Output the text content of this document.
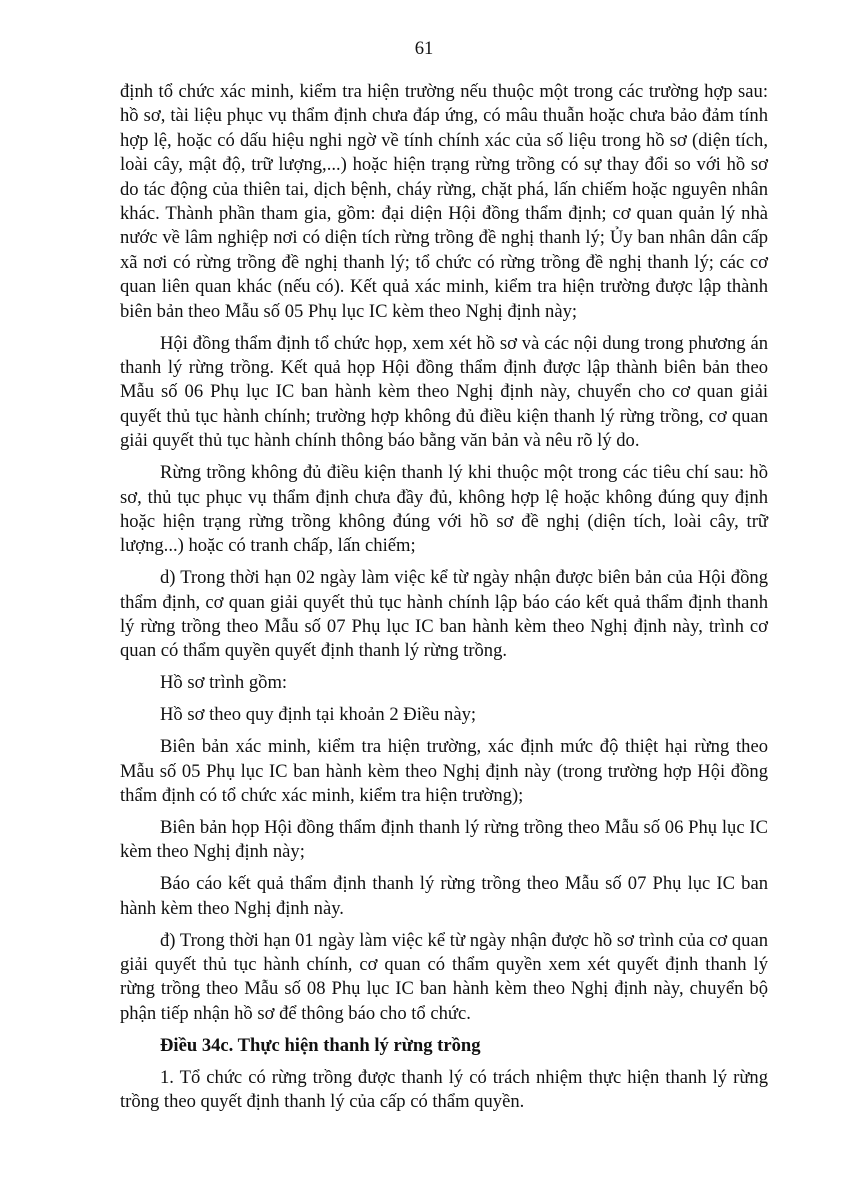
61

định tổ chức xác minh, kiểm tra hiện trường nếu thuộc một trong các trường hợp sau: hồ sơ, tài liệu phục vụ thẩm định chưa đáp ứng, có mâu thuẫn hoặc chưa bảo đảm tính hợp lệ, hoặc có dấu hiệu nghi ngờ về tính chính xác của số liệu trong hồ sơ (diện tích, loài cây, mật độ, trữ lượng,...) hoặc hiện trạng rừng trồng có sự thay đổi so với hồ sơ do tác động của thiên tai, dịch bệnh, cháy rừng, chặt phá, lấn chiếm hoặc nguyên nhân khác. Thành phần tham gia, gồm: đại diện Hội đồng thẩm định; cơ quan quản lý nhà nước về lâm nghiệp nơi có diện tích rừng trồng đề nghị thanh lý; Ủy ban nhân dân cấp xã nơi có rừng trồng đề nghị thanh lý; tổ chức có rừng trồng đề nghị thanh lý; các cơ quan liên quan khác (nếu có). Kết quả xác minh, kiểm tra hiện trường được lập thành biên bản theo Mẫu số 05 Phụ lục IC kèm theo Nghị định này;

Hội đồng thẩm định tổ chức họp, xem xét hồ sơ và các nội dung trong phương án thanh lý rừng trồng. Kết quả họp Hội đồng thẩm định được lập thành biên bản theo Mẫu số 06 Phụ lục IC ban hành kèm theo Nghị định này, chuyển cho cơ quan giải quyết thủ tục hành chính; trường hợp không đủ điều kiện thanh lý rừng trồng, cơ quan giải quyết thủ tục hành chính thông báo bằng văn bản và nêu rõ lý do.

Rừng trồng không đủ điều kiện thanh lý khi thuộc một trong các tiêu chí sau: hồ sơ, thủ tục phục vụ thẩm định chưa đầy đủ, không hợp lệ hoặc không đúng quy định hoặc hiện trạng rừng trồng không đúng với hồ sơ đề nghị (diện tích, loài cây, trữ lượng...) hoặc có tranh chấp, lấn chiếm;

d) Trong thời hạn 02 ngày làm việc kể từ ngày nhận được biên bản của Hội đồng thẩm định, cơ quan giải quyết thủ tục hành chính lập báo cáo kết quả thẩm định thanh lý rừng trồng theo Mẫu số 07 Phụ lục IC ban hành kèm theo Nghị định này, trình cơ quan có thẩm quyền quyết định thanh lý rừng trồng.

Hồ sơ trình gồm:

Hồ sơ theo quy định tại khoản 2 Điều này;

Biên bản xác minh, kiểm tra hiện trường, xác định mức độ thiệt hại rừng theo Mẫu số 05 Phụ lục IC ban hành kèm theo Nghị định này (trong trường hợp Hội đồng thẩm định có tổ chức xác minh, kiểm tra hiện trường);

Biên bản họp Hội đồng thẩm định thanh lý rừng trồng theo Mẫu số 06 Phụ lục IC kèm theo Nghị định này;

Báo cáo kết quả thẩm định thanh lý rừng trồng theo Mẫu số 07 Phụ lục IC ban hành kèm theo Nghị định này.

đ) Trong thời hạn 01 ngày làm việc kể từ ngày nhận được hồ sơ trình của cơ quan giải quyết thủ tục hành chính, cơ quan có thẩm quyền xem xét quyết định thanh lý rừng trồng theo Mẫu số 08 Phụ lục IC ban hành kèm theo Nghị định này, chuyển bộ phận tiếp nhận hồ sơ để thông báo cho tổ chức.

Điều 34c. Thực hiện thanh lý rừng trồng

1. Tổ chức có rừng trồng được thanh lý có trách nhiệm thực hiện thanh lý rừng trồng theo quyết định thanh lý của cấp có thẩm quyền.
